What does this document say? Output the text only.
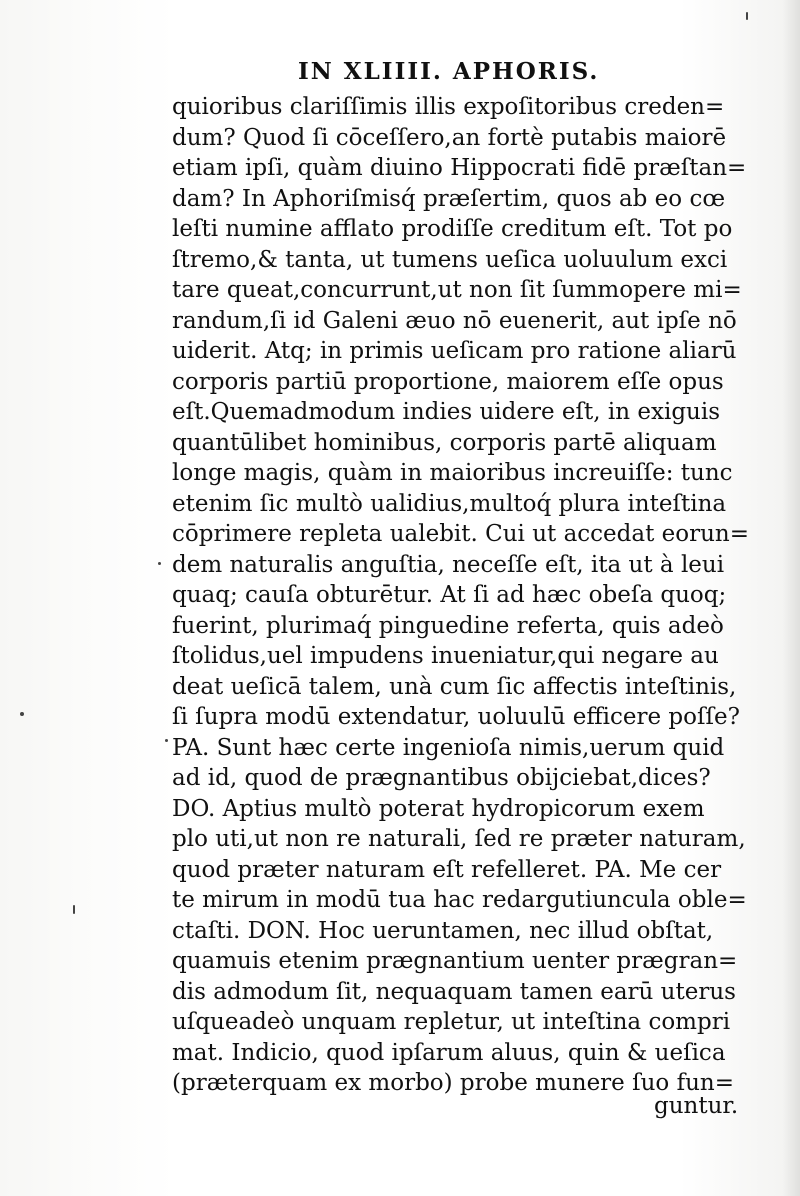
IN XLIIII. APHORIS.
quioribus clariſſimis illis expoſitoribus creden=
dum? Quod ſi cōceſſero,an fortè putabis maiorē
etiam ipſi, quàm diuino Hippocrati fidē præſtan=
dam? In Aphoriſmisq́ præſertim, quos ab eo cœ
leſti numine afflato prodiſſe creditum eſt. Tot po
ſtremo,& tanta, ut tumens ueſica uoluulum exci
tare queat,concurrunt,ut non ſit ſummopere mi=
randum,ſi id Galeni æuo nō euenerit, aut ipſe nō
uiderit. Atq; in primis ueſicam pro ratione aliarū
corporis partiū proportione, maiorem eſſe opus
eſt.Quemadmodum indies uidere eſt, in exiguis
quantūlibet hominibus, corporis partē aliquam
longe magis, quàm in maioribus increuiſſe: tunc
etenim ſic multò ualidius,multoq́ plura inteſtina
cōprimere repleta ualebit. Cui ut accedat eorun=
dem naturalis anguſtia, neceſſe eſt, ita ut à leui
quaq; cauſa obturētur. At ſi ad hæc obeſa quoq;
fuerint, plurimaq́ pinguedine referta, quis adeò
ſtolidus,uel impudens inueniatur,qui negare au
deat ueſicā talem, unà cum ſic affectis inteſtinis,
ſi ſupra modū extendatur, uoluulū efficere poſſe?
PA. Sunt hæc certe ingenioſa nimis,uerum quid
ad id, quod de prægnantibus obijciebat,dices?
DO. Aptius multò poterat hydropicorum exem
plo uti,ut non re naturali, ſed re præter naturam,
quod præter naturam eſt refelleret. PA. Me cer
te mirum in modū tua hac redargutiuncula oble=
ctaſti. DON. Hoc ueruntamen, nec illud obſtat,
quamuis etenim prægnantium uenter prægran=
dis admodum ſit, nequaquam tamen earū uterus
uſqueadeò unquam repletur, ut inteſtina compri
mat. Indicio, quod ipſarum aluus, quin & ueſica
(præterquam ex morbo) probe munere ſuo fun=
guntur.
